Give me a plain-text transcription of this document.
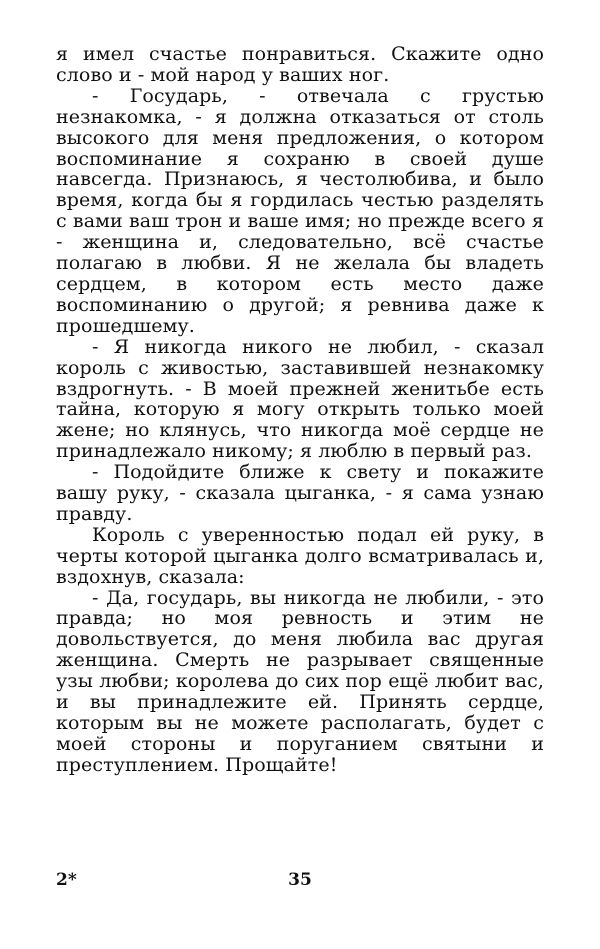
я имел счастье понравиться. Скажите одно слово и - мой народ у ваших ног.

- Государь, - отвечала с грустью незнакомка, - я должна отказаться от столь высокого для меня предложения, о котором воспоминание я сохраню в своей душе навсегда. Признаюсь, я честолюбива, и было время, когда бы я гордилась честью разделять с вами ваш трон и ваше имя; но прежде всего я - женщина и, следовательно, всё счастье полагаю в любви. Я не желала бы владеть сердцем, в котором есть место даже воспоминанию о другой; я ревнива даже к прошедшему.

- Я никогда никого не любил, - сказал король с живостью, заставившей незнакомку вздрогнуть. - В моей прежней женитьбе есть тайна, которую я могу открыть только моей жене; но клянусь, что никогда моё сердце не принадлежало никому; я люблю в первый раз.

- Подойдите ближе к свету и покажите вашу руку, - сказала цыганка, - я сама узнаю правду.

Король с уверенностью подал ей руку, в черты которой цыганка долго всматривалась и, вздохнув, сказала:

- Да, государь, вы никогда не любили, - это правда; но моя ревность и этим не довольствуется, до меня любила вас другая женщина. Смерть не разрывает священные узы любви; королева до сих пор ещё любит вас, и вы принадлежите ей. Принять сердце, которым вы не можете располагать, будет с моей стороны и поруганием святыни и преступлением. Прощайте!

2*	35
